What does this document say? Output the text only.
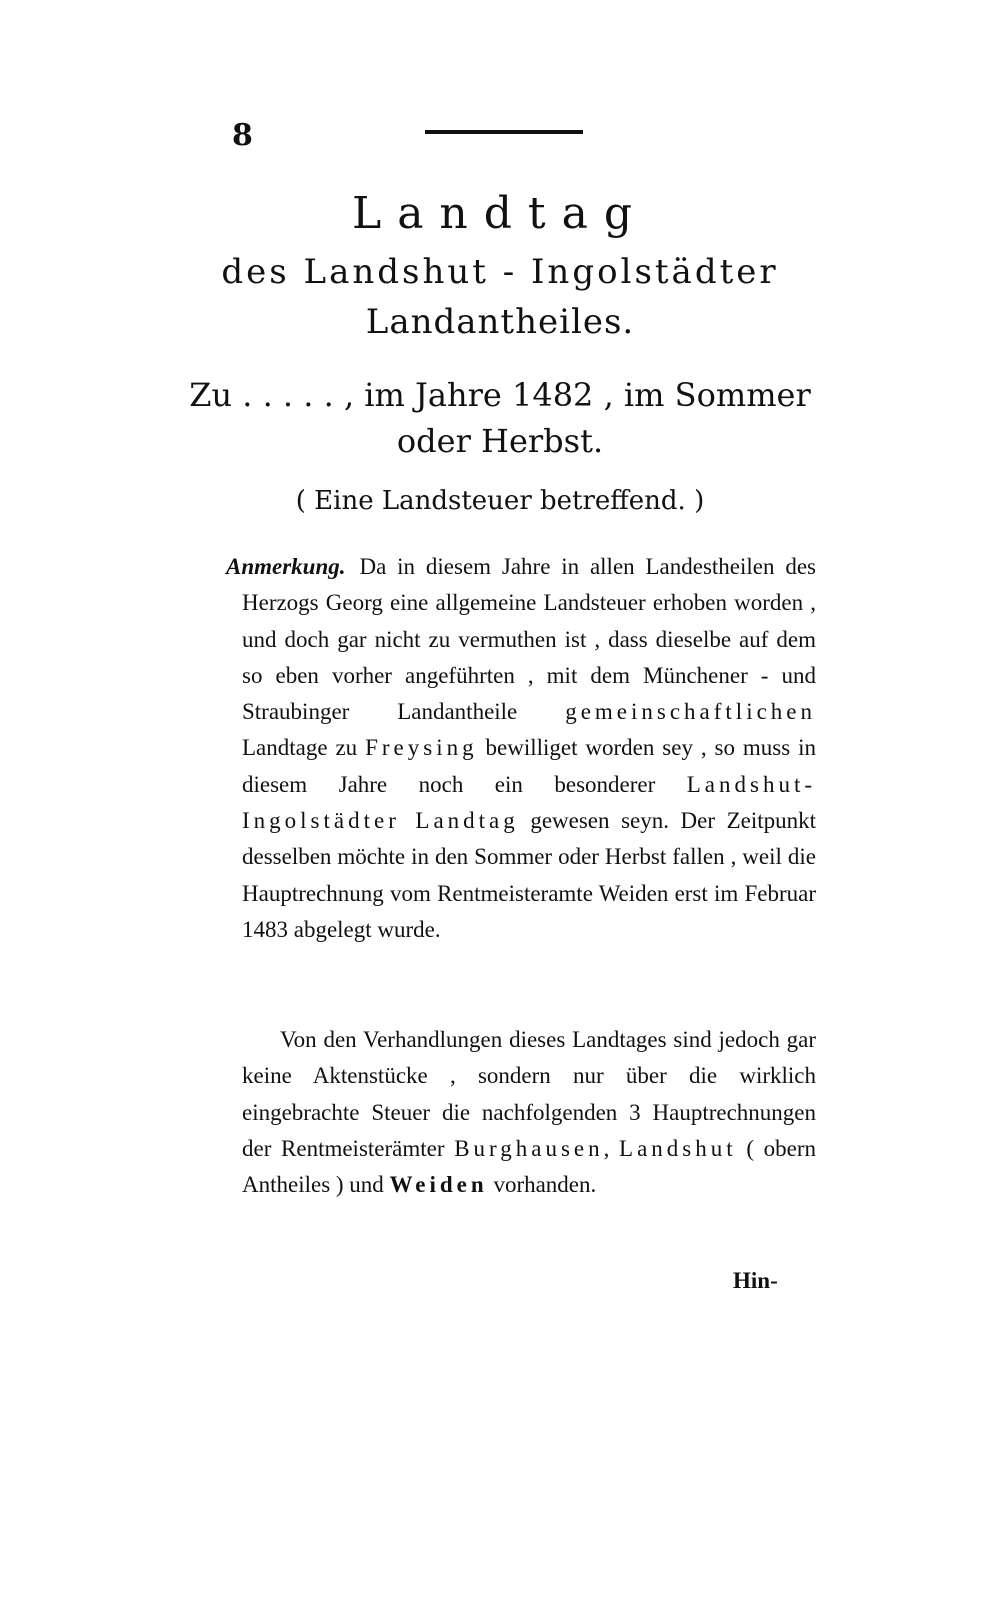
8
Landtag
des Landshut - Ingolstädter
Landantheiles.
Zu . . . . . , im Jahre 1482 , im Sommer
oder Herbst.
( Eine Landsteuer betreffend. )
Anmerkung. Da in diesem Jahre in allen Landestheilen des Herzogs Georg eine allgemeine Landsteuer erhoben worden , und doch gar nicht zu vermuthen ist , dass dieselbe auf dem so eben vorher angeführten , mit dem Münchener - und Straubinger Landantheile gemeinschaftlichen Landtage zu Freysing bewilliget worden sey , so muss in diesem Jahre noch ein besonderer Landshut-Ingolstädter Landtag gewesen seyn. Der Zeitpunkt desselben möchte in den Sommer oder Herbst fallen , weil die Hauptrechnung vom Rentmeisteramte Weiden erst im Februar 1483 abgelegt wurde.
Von den Verhandlungen dieses Landtages sind jedoch gar keine Aktenstücke , sondern nur über die wirklich eingebrachte Steuer die nachfolgenden 3 Hauptrechnungen der Rentmeisterämter Burghausen, Landshut ( obern Antheiles ) und Weiden vorhanden.
Hin-
